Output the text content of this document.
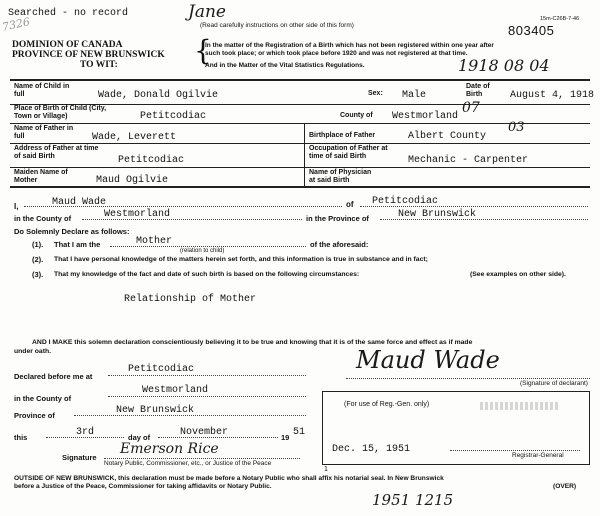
Searched - no record
7326
Jane
(Read carefully instructions on other side of this form)
15m-C26B-7-46
803405
DOMINION OF CANADA
PROVINCE OF NEW BRUNSWICK
TO WIT:	{
In the matter of the Registration of a Birth which has not been registered within one year after
such took place; or which took place before 1920 and was not registered at that time.
And in the Matter of the Vital Statistics Regulations.	1918 08 04
Name of Child in full	Wade, Donald Ogilvie	Sex: Male
Date of Birth	August 4, 1918
Place of Birth of Child (City, Town or Village)	Petitcodiac	County of Westmorland
07
Name of Father in full	Wade, Leverett	Birthplace of Father	Albert County
03
Address of Father at time of said Birth	Petitcodiac
Occupation of Father at time of said Birth	Mechanic - Carpenter
Maiden Name of Mother	Maud Ogilvie
Name of Physician at said Birth
I,	Maud Wade	of Petitcodiac
in the County of	Westmorland	in the Province of	New Brunswick
Do Solemnly Declare as follows:
(1). That I am the	Mother
(relation to child)
of the aforesaid:
(2). That I have personal knowledge of the matters herein set forth, and this information is true in substance and in fact;
(3). That my knowledge of the fact and date of such birth is based on the following circumstances:	(See examples on other side).
Relationship of Mother
AND I MAKE this solemn declaration conscientiously believing it to be true and knowing that it is of the same force and effect as if made
under oath.
Declared before me at
Petitcodiac
in the County of
Westmorland
Province of	New Brunswick
this	3rd	day of	November	19 51
Signature
Emerson Rice
Notary Public, Commissioner, etc., or Justice of the Peace
Maud Wade
(Signature of declarant)
(For use of Reg.-Gen. only)
Dec. 15, 1951
Registrar-General
1
OUTSIDE OF NEW BRUNSWICK, this declaration must be made before a Notary Public who shall affix his notarial seal. In New Brunswick
before a Justice of the Peace, Commissioner for taking affidavits or Notary Public.	(OVER)
1951 1215
